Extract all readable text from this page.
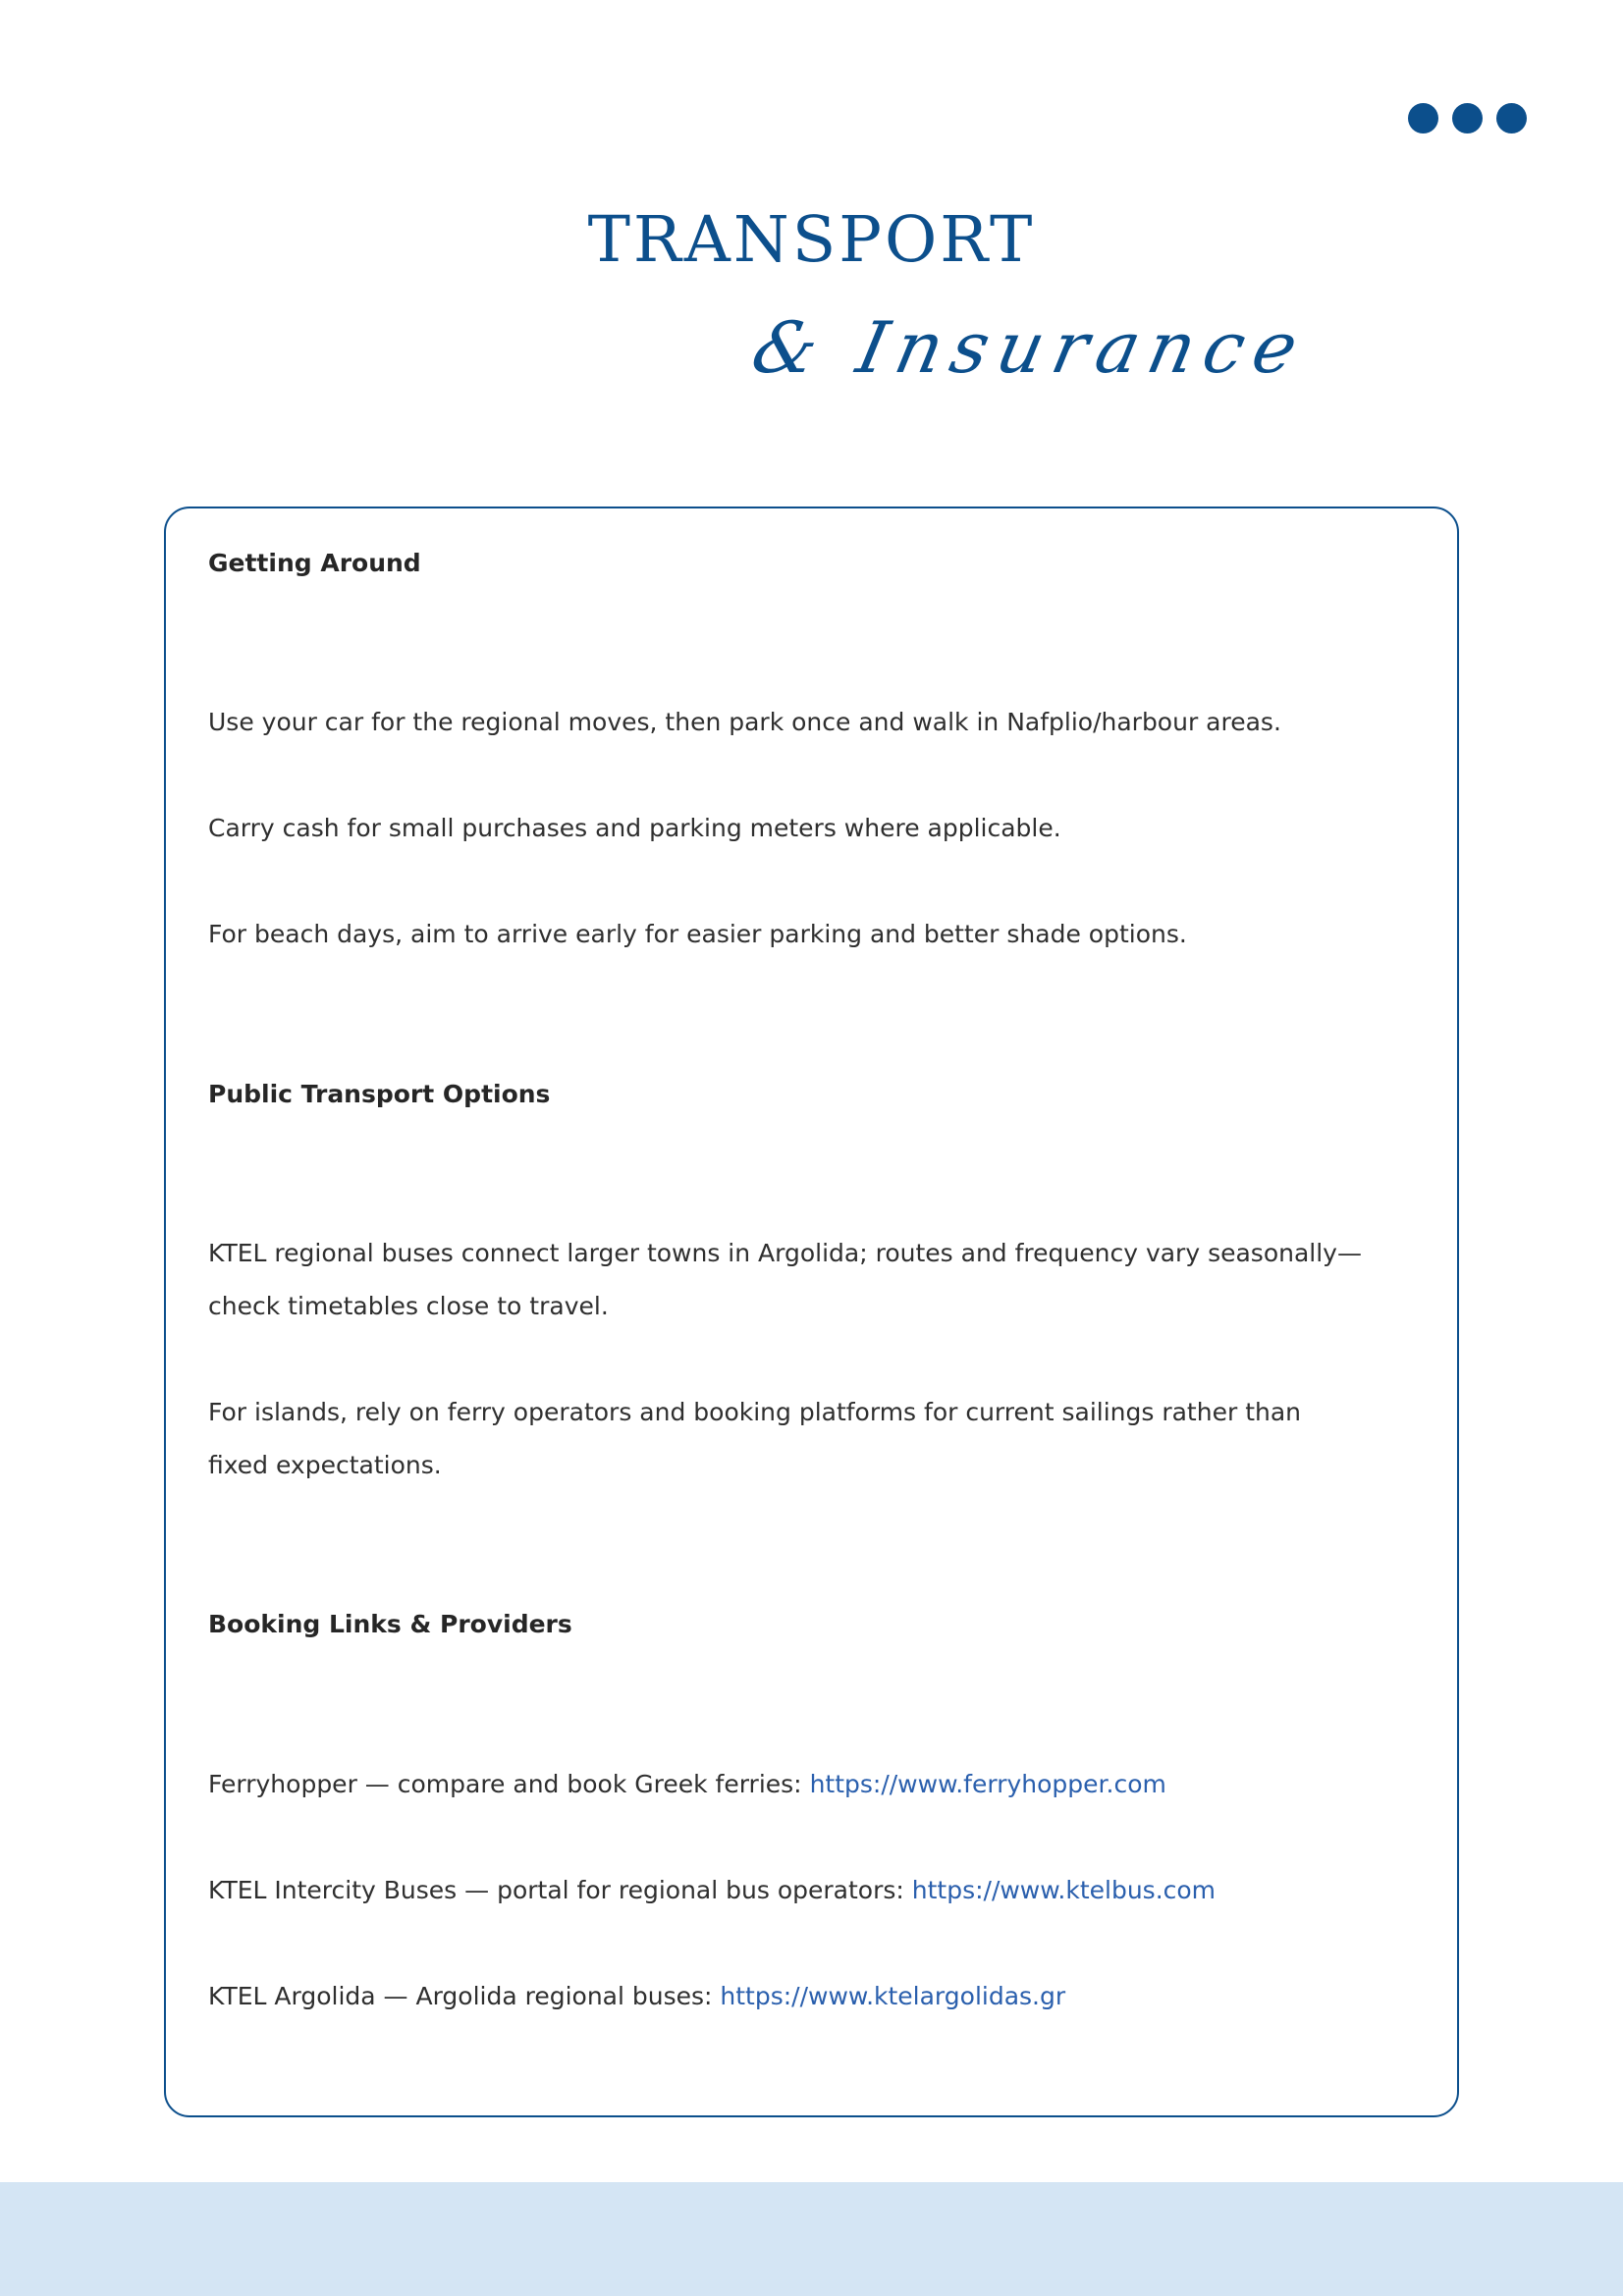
TRANSPORT
& Insurance
Getting Around
Use your car for the regional moves, then park once and walk in Nafplio/harbour areas.
Carry cash for small purchases and parking meters where applicable.
For beach days, aim to arrive early for easier parking and better shade options.
Public Transport Options
KTEL regional buses connect larger towns in Argolida; routes and frequency vary seasonally—check timetables close to travel.
For islands, rely on ferry operators and booking platforms for current sailings rather than fixed expectations.
Booking Links & Providers
Ferryhopper — compare and book Greek ferries: https://www.ferryhopper.com
KTEL Intercity Buses — portal for regional bus operators: https://www.ktelbus.com
KTEL Argolida — Argolida regional buses: https://www.ktelargolidas.gr
